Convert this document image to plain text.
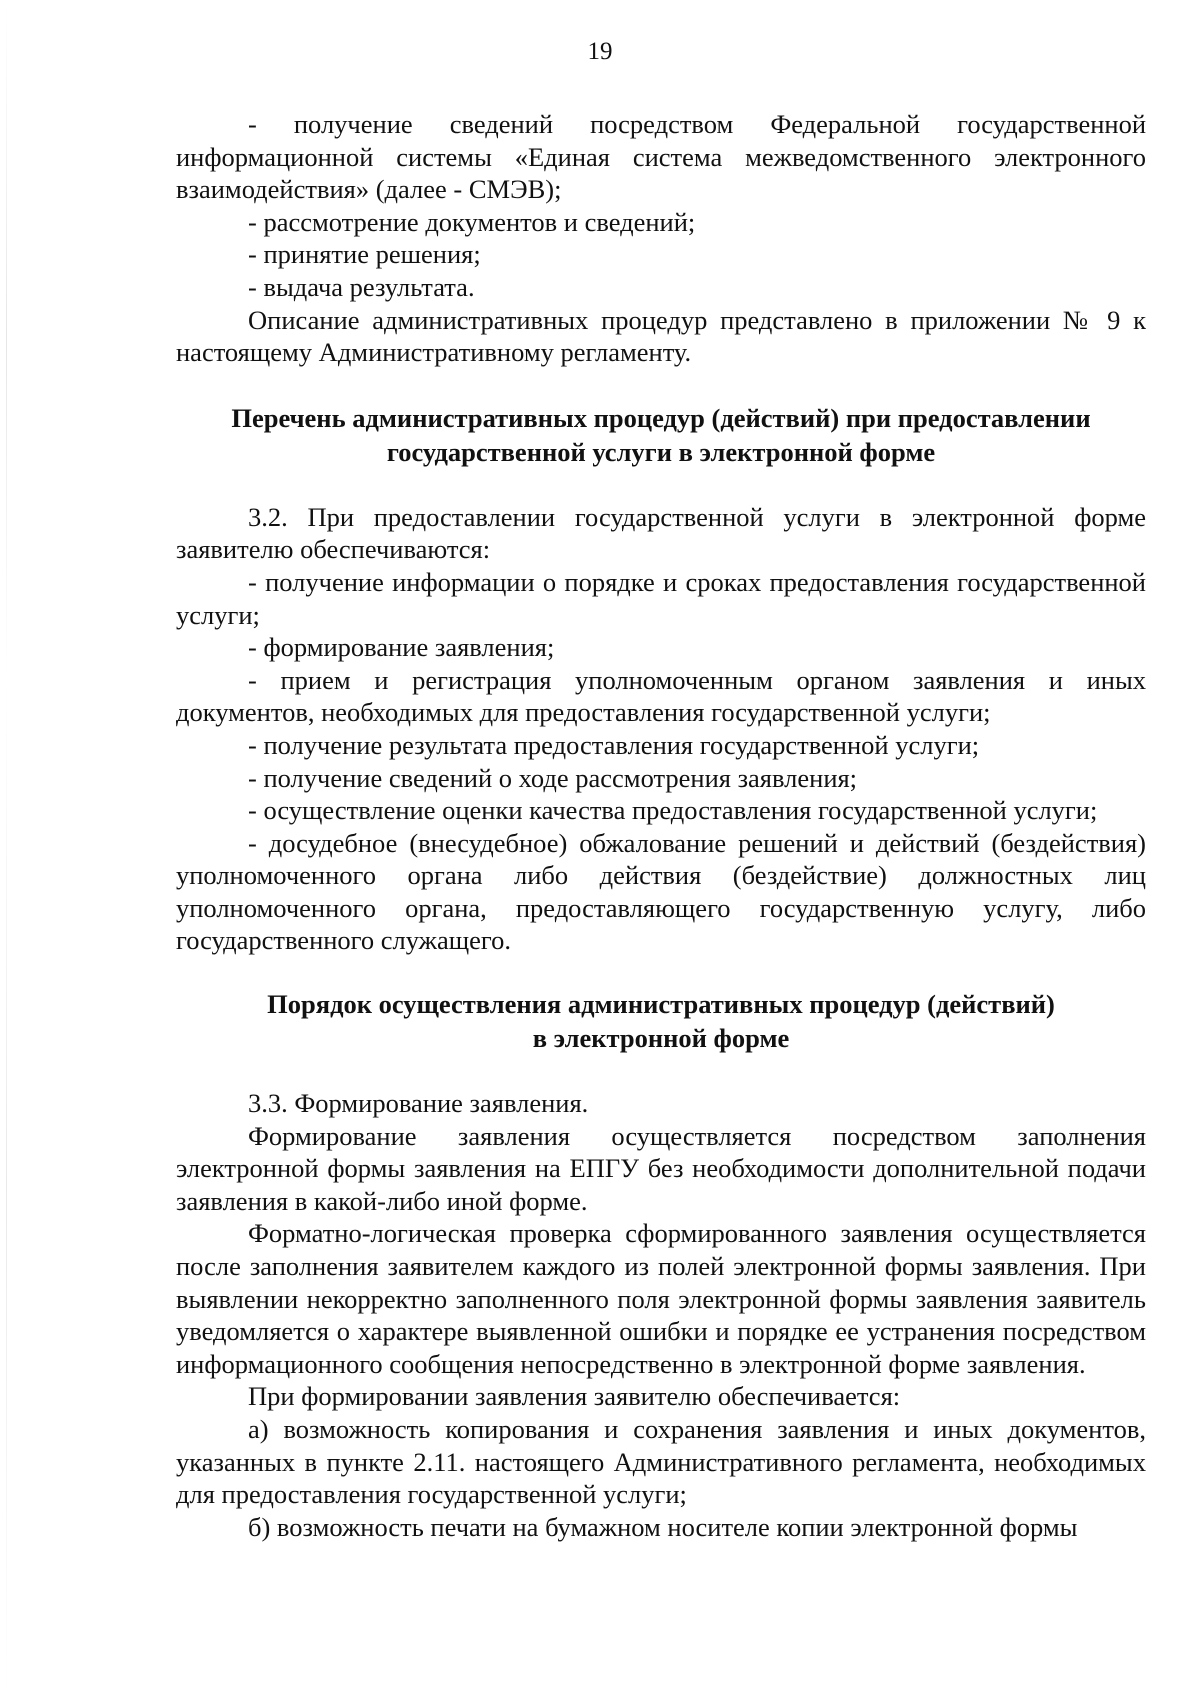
19

- получение сведений посредством Федеральной государственной информационной системы «Единая система межведомственного электронного взаимодействия» (далее - СМЭВ);

- рассмотрение документов и сведений;

- принятие решения;

- выдача результата.

Описание административных процедур представлено в приложении № 9 к настоящему Административному регламенту.

Перечень административных процедур (действий) при предоставлении
государственной услуги в электронной форме

3.2. При предоставлении государственной услуги в электронной форме заявителю обеспечиваются:

- получение информации о порядке и сроках предоставления государственной услуги;

- формирование заявления;

- прием и регистрация уполномоченным органом заявления и иных документов, необходимых для предоставления государственной услуги;

- получение результата предоставления государственной услуги;

- получение сведений о ходе рассмотрения заявления;

- осуществление оценки качества предоставления государственной услуги;

- досудебное (внесудебное) обжалование решений и действий (бездействия) уполномоченного органа либо действия (бездействие) должностных лиц уполномоченного органа, предоставляющего государственную услугу, либо государственного служащего.

Порядок осуществления административных процедур (действий)
в электронной форме

3.3. Формирование заявления.

Формирование заявления осуществляется посредством заполнения электронной формы заявления на ЕПГУ без необходимости дополнительной подачи заявления в какой-либо иной форме.

Форматно-логическая проверка сформированного заявления осуществляется после заполнения заявителем каждого из полей электронной формы заявления. При выявлении некорректно заполненного поля электронной формы заявления заявитель уведомляется о характере выявленной ошибки и порядке ее устранения посредством информационного сообщения непосредственно в электронной форме заявления.

При формировании заявления заявителю обеспечивается:

а) возможность копирования и сохранения заявления и иных документов, указанных в пункте 2.11. настоящего Административного регламента, необходимых для предоставления государственной услуги;

б) возможность печати на бумажном носителе копии электронной формы
